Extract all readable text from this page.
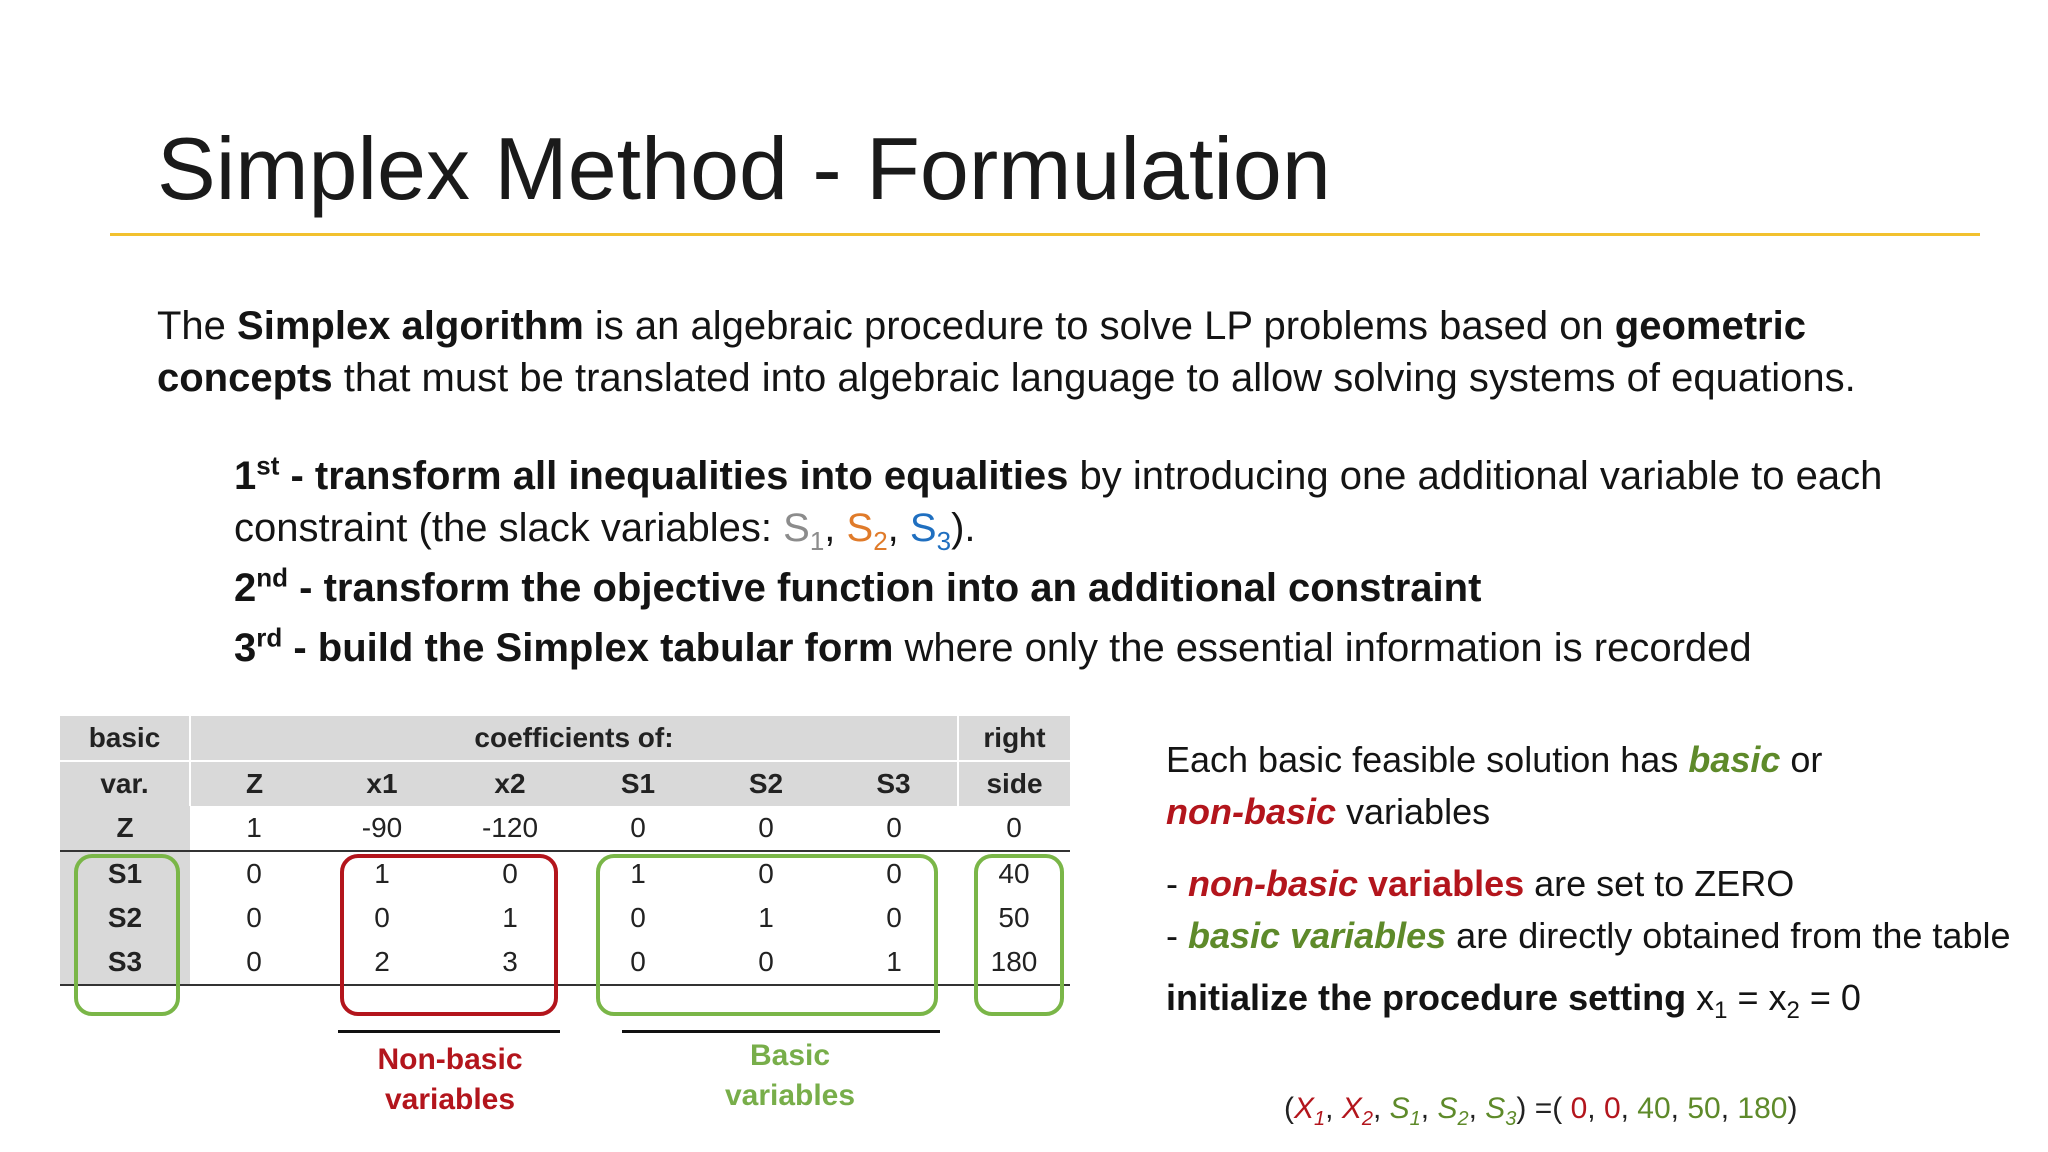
Simplex Method - Formulation
The Simplex algorithm is an algebraic procedure to solve LP problems based on geometric concepts that must be translated into algebraic language to allow solving systems of equations.
1st - transform all inequalities into equalities by introducing one additional variable to each constraint (the slack variables: $S_1$, $S_2$, $S_3$).
2nd - transform the objective function into an additional constraint
3rd - build the Simplex tabular form where only the essential information is recorded
basic	coefficients of:						right
var.	Z	x1	x2	S1	S2	S3	side
Z	1	-90	-120	0	0	0	0
S1	0	1	0	1	0	0	40
S2	0	0	1	0	1	0	50
S3	0	2	3	0	0	1	180
Non-basic
variables
Basic
variables

Each basic feasible solution has basic or
non-basic variables

- non-basic variables are set to ZERO

- basic variables are directly obtained from the table

initialize the procedure setting $x_1 = x_2 = 0$

($X_1$, $X_2$, $S_1$, $S_2$, $S_3$) =( 0, 0, 40, 50, 180)
